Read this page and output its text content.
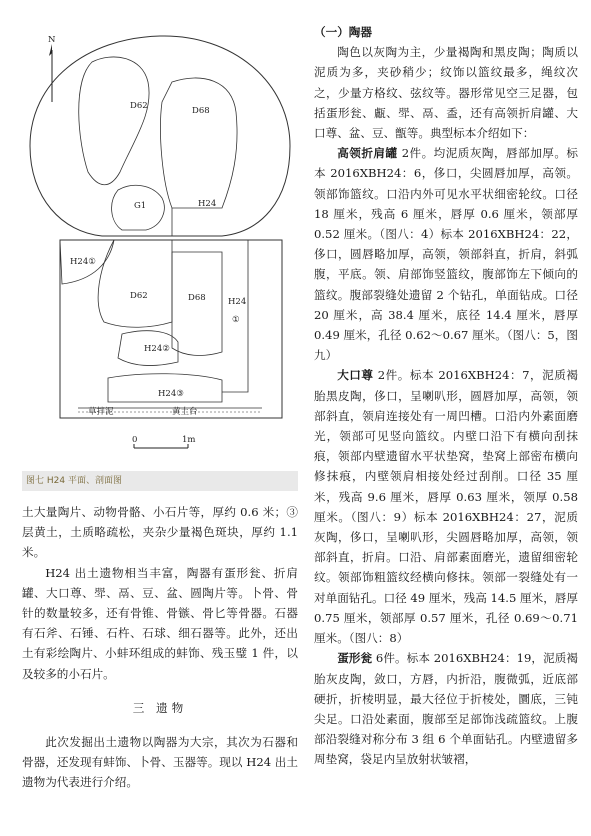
N
D62	D68
G1	H24
H24①
D62	D68	H24
①
H24②
H24③
草拌泥	黄土台
0	1m
图七 H24 平面、剖面图

土大量陶片、动物骨骼、小石片等，厚约 0.6 米；③层黄土，土质略疏松，夹杂少量褐色斑块，厚约 1.1 米。

H24 出土遗物相当丰富，陶器有蛋形瓮、折肩罐、大口尊、斝、鬲、豆、盆、圆陶片等。卜骨、骨针的数量较多，还有骨锥、骨镞、骨匕等骨器。石器有石斧、石锤、石杵、石球、细石器等。此外，还出土有彩绘陶片、小蚌环组成的蚌饰、残玉璧 1 件，以及较多的小石片。

三 遗物

此次发掘出土遗物以陶器为大宗，其次为石器和骨器，还发现有蚌饰、卜骨、玉器等。现以 H24 出土遗物为代表进行介绍。

（一）陶器

陶色以灰陶为主，少量褐陶和黑皮陶；陶质以泥质为多，夹砂稍少；纹饰以篮纹最多，绳纹次之，少量方格纹、弦纹等。器形常见空三足器，包括蛋形瓮、甗、斝、鬲、盉，还有高领折肩罐、大口尊、盆、豆、甑等。典型标本介绍如下：

高领折肩罐 2件。均泥质灰陶，唇部加厚。标本 2016XBH24：6，侈口，尖圆唇加厚，高领。领部饰篮纹。口沿内外可见水平状细密轮纹。口径 18 厘米，残高 6 厘米，唇厚 0.6 厘米，领部厚 0.52 厘米。（图八：4）标本 2016XBH24：22，侈口，圆唇略加厚，高领，领部斜直，折肩，斜弧腹，平底。领、肩部饰竖篮纹，腹部饰左下倾向的篮纹。腹部裂缝处遗留 2 个钻孔，单面钻成。口径 20 厘米，高 38.4 厘米，底径 14.4 厘米，唇厚 0.49 厘米，孔径 0.62～0.67 厘米。（图八：5，图九）

大口尊 2件。标本 2016XBH24：7，泥质褐胎黑皮陶，侈口，呈喇叭形，圆唇加厚，高领，领部斜直，领肩连接处有一周凹槽。口沿内外素面磨光，领部可见竖向篮纹。内壁口沿下有横向刮抹痕，领部内壁遗留水平状垫窝，垫窝上部密布横向修抹痕，内壁领肩相接处经过刮削。口径 35 厘米，残高 9.6 厘米，唇厚 0.63 厘米，领厚 0.58 厘米。（图八：9）标本 2016XBH24：27，泥质灰陶，侈口，呈喇叭形，尖圆唇略加厚，高领，领部斜直，折肩。口沿、肩部素面磨光，遗留细密轮纹。领部饰粗篮纹经横向修抹。领部一裂缝处有一对单面钻孔。口径 49 厘米，残高 14.5 厘米，唇厚 0.75 厘米，领部厚 0.57 厘米，孔径 0.69～0.71 厘米。（图八：8）

蛋形瓮 6件。标本 2016XBH24：19，泥质褐胎灰皮陶，敛口，方唇，内折沿，腹微弧，近底部硬折，折棱明显，最大径位于折棱处，圜底，三钝尖足。口沿处素面，腹部至足部饰浅疏篮纹。上腹部沿裂缝对称分布 3 组 6 个单面钻孔。内壁遗留多周垫窝，袋足内呈放射状皱褶，
